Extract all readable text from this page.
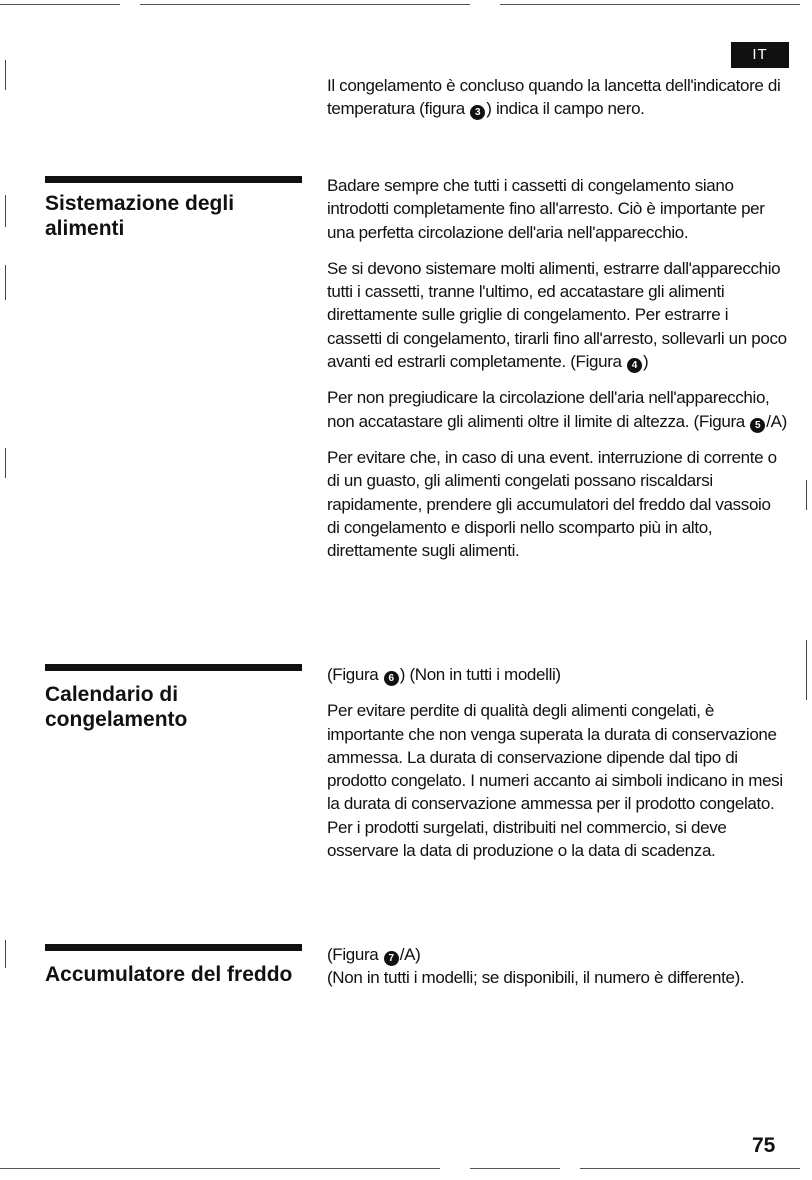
IT

Il congelamento è concluso quando la lancetta dell'indicatore di temperatura (figura 3 ) indica il campo nero.

Sistemazione degli alimenti

Badare sempre che tutti i cassetti di congelamento siano introdotti completamente fino all'arresto. Ciò è importante per una perfetta circolazione dell'aria nell'apparecchio.

Se si devono sistemare molti alimenti, estrarre dall'apparecchio tutti i cassetti, tranne l'ultimo, ed accatastare gli alimenti direttamente sulle griglie di congelamento. Per estrarre i cassetti di congelamento, tirarli fino all'arresto, sollevarli un poco avanti ed estrarli completamente. (Figura 4 )

Per non pregiudicare la circolazione dell'aria nell'apparecchio, non accatastare gli alimenti oltre il limite di altezza. (Figura 5 /A)

Per evitare che, in caso di una event. interruzione di corrente o di un guasto, gli alimenti congelati possano riscaldarsi rapidamente, prendere gli accumulatori del freddo dal vassoio di congelamento e disporli nello scomparto più in alto, direttamente sugli alimenti.

Calendario di congelamento

(Figura 6 ) (Non in tutti i modelli)

Per evitare perdite di qualità degli alimenti congelati, è importante che non venga superata la durata di conservazione ammessa. La durata di conservazione dipende dal tipo di prodotto congelato. I numeri accanto ai simboli indicano in mesi la durata di conservazione ammessa per il prodotto congelato. Per i prodotti surgelati, distribuiti nel commercio, si deve osservare la data di produzione o la data di scadenza.

Accumulatore del freddo

(Figura 7 /A)

(Non in tutti i modelli; se disponibili, il numero è differente).

75
